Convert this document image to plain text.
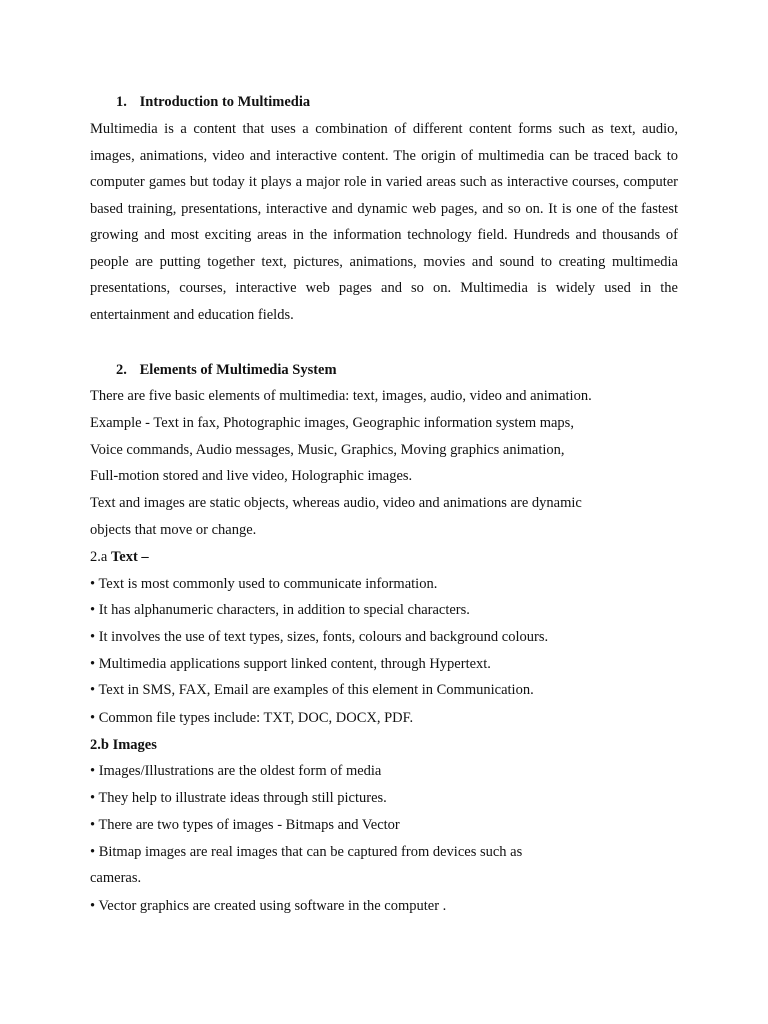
1. Introduction to Multimedia
Multimedia is a content that uses a combination of different content forms such as text, audio, images, animations, video and interactive content. The origin of multimedia can be traced back to computer games but today it plays a major role in varied areas such as interactive courses, computer based training, presentations, interactive and dynamic web pages, and so on. It is one of the fastest growing and most exciting areas in the information technology field. Hundreds and thousands of people are putting together text, pictures, animations, movies and sound to creating multimedia presentations, courses, interactive web pages and so on. Multimedia is widely used in the entertainment and education fields.
2. Elements of Multimedia System
There are five basic elements of multimedia: text, images, audio, video and animation.
Example - Text in fax, Photographic images, Geographic information system maps,
Voice commands, Audio messages, Music, Graphics, Moving graphics animation,
Full-motion stored and live video, Holographic images.
Text and images are static objects, whereas audio, video and animations are dynamic
objects that move or change.
2.a Text –
• Text is most commonly used to communicate information.
• It has alphanumeric characters, in addition to special characters.
• It involves the use of text types, sizes, fonts, colours and background colours.
• Multimedia applications support linked content, through Hypertext.
• Text in SMS, FAX, Email are examples of this element in Communication.
• Common file types include: TXT, DOC, DOCX, PDF.
2.b Images
• Images/Illustrations are the oldest form of media
• They help to illustrate ideas through still pictures.
• There are two types of images - Bitmaps and Vector
• Bitmap images are real images that can be captured from devices such as
cameras.
• Vector graphics are created using software in the computer .
